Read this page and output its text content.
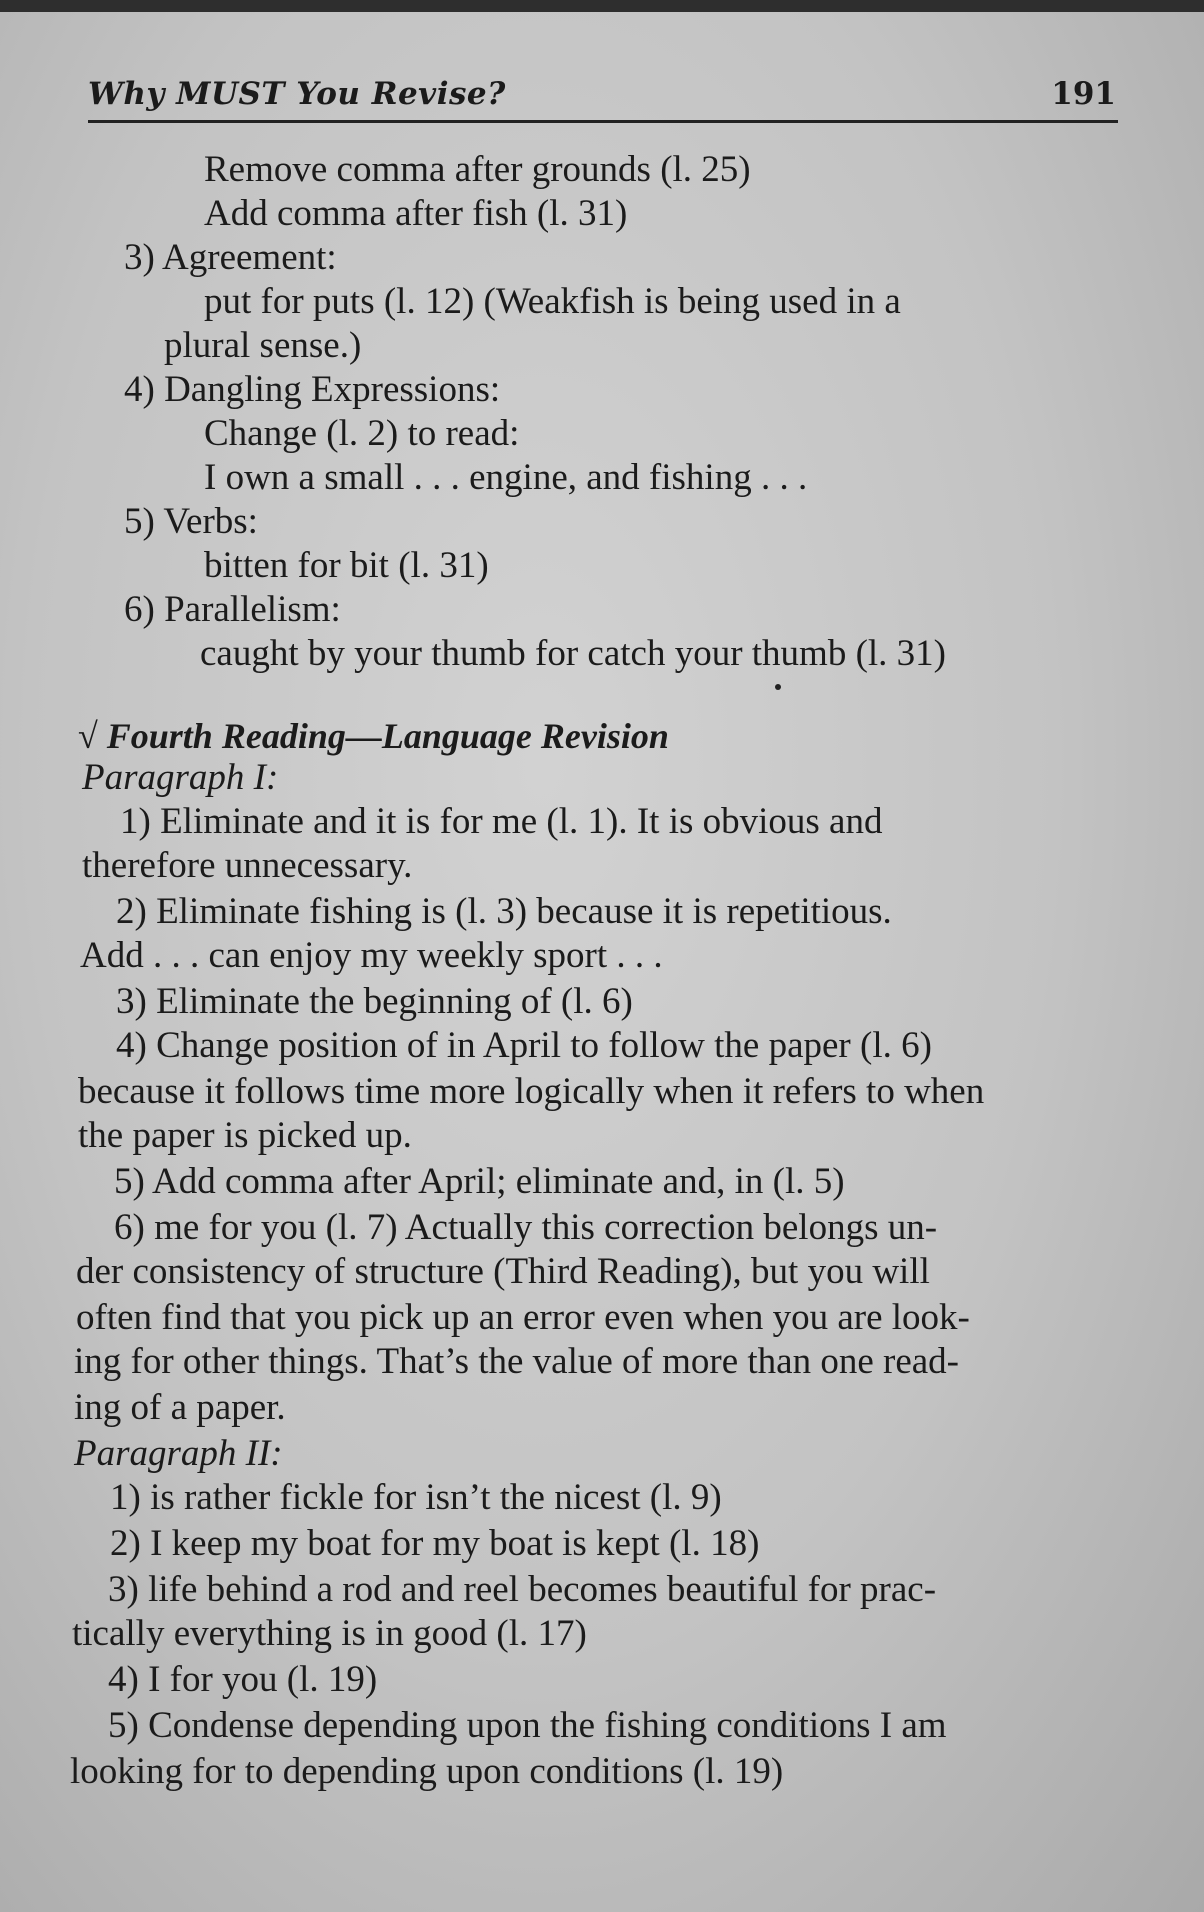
Why MUST You Revise?	191
Remove comma after grounds (l. 25)
Add comma after fish (l. 31)
3) Agreement:
put for puts (l. 12) (Weakfish is being used in a
plural sense.)
4) Dangling Expressions:
Change (l. 2) to read:
I own a small . . . engine, and fishing . . .
5) Verbs:
bitten for bit (l. 31)
6) Parallelism:
caught by your thumb for catch your thumb (l. 31)
√ Fourth Reading—Language Revision
Paragraph I:
1) Eliminate and it is for me (l. 1). It is obvious and
therefore unnecessary.
2) Eliminate fishing is (l. 3) because it is repetitious.
Add . . . can enjoy my weekly sport . . .
3) Eliminate the beginning of (l. 6)
4) Change position of in April to follow the paper (l. 6)
because it follows time more logically when it refers to when
the paper is picked up.
5) Add comma after April; eliminate and, in (l. 5)
6) me for you (l. 7) Actually this correction belongs un-
der consistency of structure (Third Reading), but you will
often find that you pick up an error even when you are look-
ing for other things. That’s the value of more than one read-
ing of a paper.
Paragraph II:
1) is rather fickle for isn’t the nicest (l. 9)
2) I keep my boat for my boat is kept (l. 18)
3) life behind a rod and reel becomes beautiful for prac-
tically everything is in good (l. 17)
4) I for you (l. 19)
5) Condense depending upon the fishing conditions I am
looking for to depending upon conditions (l. 19)
